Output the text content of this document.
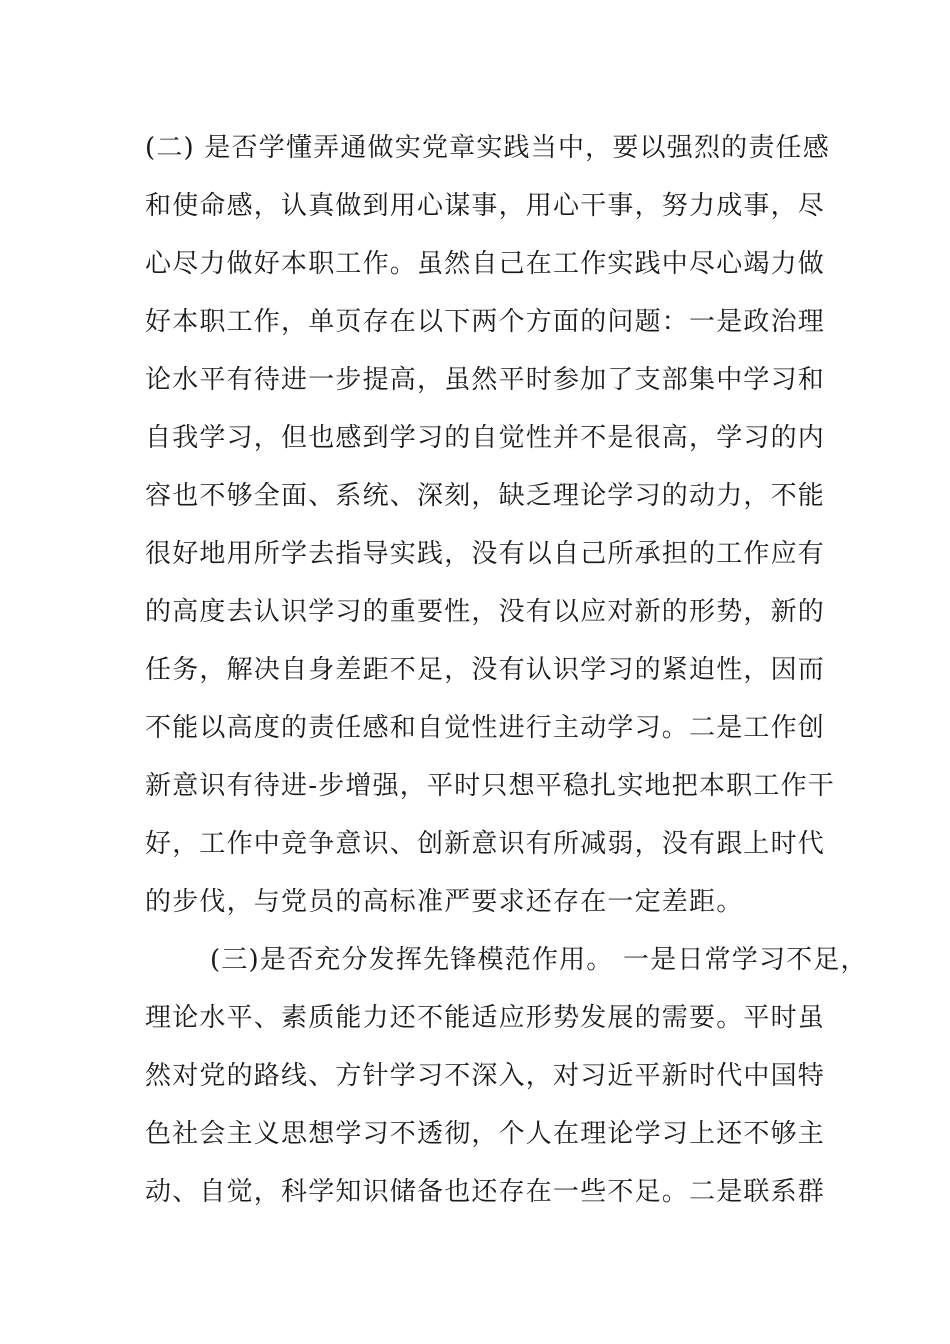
(二) 是否学懂弄通做实党章实践当中，要以强烈的责任感
和使命感，认真做到用心谋事，用心干事，努力成事，尽
心尽力做好本职工作。虽然自己在工作实践中尽心竭力做
好本职工作，单页存在以下两个方面的问题：一是政治理
论水平有待进一步提高，虽然平时参加了支部集中学习和
自我学习，但也感到学习的自觉性并不是很高，学习的内
容也不够全面、系统、深刻，缺乏理论学习的动力，不能
很好地用所学去指导实践，没有以自己所承担的工作应有
的高度去认识学习的重要性，没有以应对新的形势，新的
任务，解决自身差距不足，没有认识学习的紧迫性，因而
不能以高度的责任感和自觉性进行主动学习。二是工作创
新意识有待进-步增强，平时只想平稳扎实地把本职工作干
好，工作中竞争意识、创新意识有所减弱，没有跟上时代
的步伐，与党员的高标准严要求还存在一定差距。
(三)是否充分发挥先锋模范作用。 一是日常学习不足，
理论水平、素质能力还不能适应形势发展的需要。平时虽
然对党的路线、方针学习不深入，对习近平新时代中国特
色社会主义思想学习不透彻，个人在理论学习上还不够主
动、自觉，科学知识储备也还存在一些不足。二是联系群
